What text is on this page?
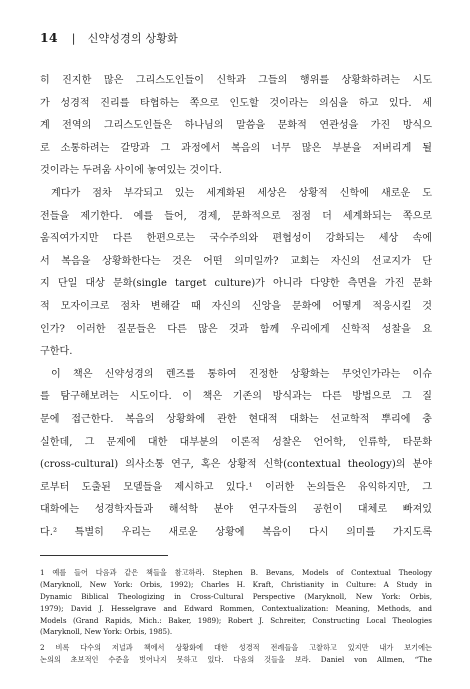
14 | 신약성경의 상황화
히 진지한 많은 그리스도인들이 신학과 그들의 행위를 상황화하려는 시도
가 성경적 진리를 타협하는 쪽으로 인도할 것이라는 의심을 하고 있다. 세
계 전역의 그리스도인들은 하나님의 말씀을 문화적 연관성을 가진 방식으
로 소통하려는 갈망과 그 과정에서 복음의 너무 많은 부분을 저버리게 될
것이라는 두려움 사이에 놓여있는 것이다.
계다가 점차 부각되고 있는 세계화된 세상은 상황적 신학에 새로운 도
전들을 제기한다. 예를 들어, 경제, 문화적으로 점점 더 세계화되는 쪽으로
움직여가지만 다른 한편으로는 국수주의와 편협성이 강화되는 세상 속에
서 복음을 상황화한다는 것은 어떤 의미일까? 교회는 자신의 선교지가 단
지 단일 대상 문화(single target culture)가 아니라 다양한 측면을 가진 문화
적 모자이크로 점차 변해갈 때 자신의 신앙을 문화에 어떻게 적응시킬 것
인가? 이러한 질문들은 다른 많은 것과 함께 우리에게 신학적 성찰을 요
구한다.
이 책은 신약성경의 렌즈를 통하여 진정한 상황화는 무엇인가라는 이슈
를 탐구해보려는 시도이다. 이 책은 기존의 방식과는 다른 방법으로 그 질
문에 접근한다. 복음의 상황화에 관한 현대적 대화는 선교학적 뿌리에 충
실한데, 그 문제에 대한 대부분의 이론적 성찰은 언어학, 인류학, 타문화
(cross-cultural) 의사소통 연구, 혹은 상황적 신학(contextual theology)의 분야
로부터 도출된 모델들을 제시하고 있다.¹ 이러한 논의들은 유익하지만, 그
대화에는 성경학자들과 해석학 분야 연구자들의 공헌이 대체로 빠져있
다.² 특별히 우리는 새로운 상황에 복음이 다시 의미를 가지도록
1 예를 들어 다음과 같은 책들을 참고하라. Stephen B. Bevans, Models of Contextual Theology
(Maryknoll, New York: Orbis, 1992); Charles H. Kraft, Christianity in Culture: A Study in
Dynamic Biblical Theologizing in Cross-Cultural Perspective (Maryknoll, New York: Orbis,
1979); David J. Hesselgrave and Edward Rommen, Contextualization: Meaning, Methods, and
Models (Grand Rapids, Mich.: Baker, 1989); Robert J. Schreiter, Constructing Local Theologies
(Maryknoll, New York: Orbis, 1985).
2 비록 다수의 저널과 책에서 상황화에 대한 성경적 전례들을 고찰하고 있지만 내가 보기에는
논의의 초보적인 수준을 벗어나지 못하고 있다. 다음의 것들을 보라. Daniel von Allmen, “The
